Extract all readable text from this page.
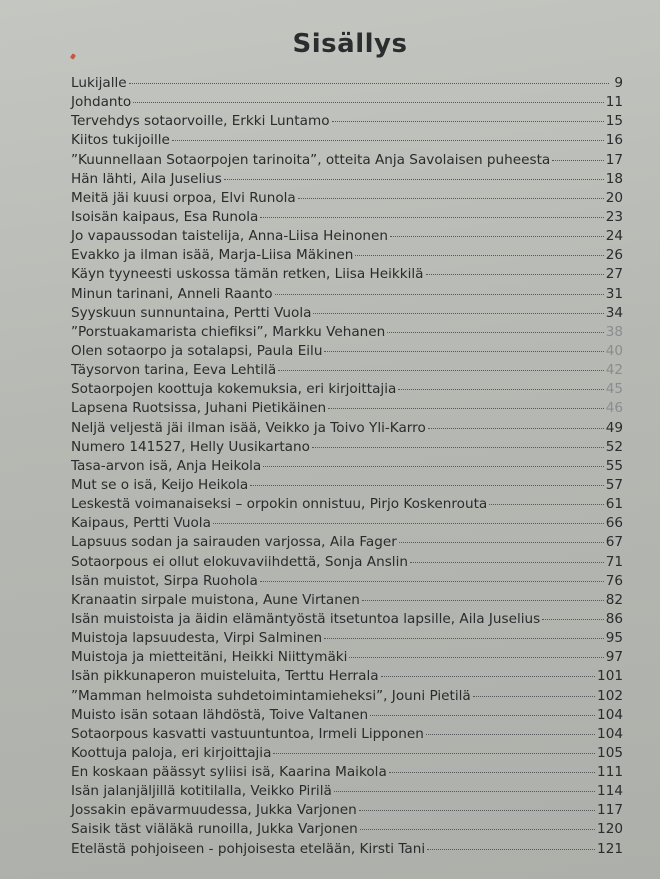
Sisällys
Lukijalle	9
Johdanto	11
Tervehdys sotaorvoille, Erkki Luntamo	15
Kiitos tukijoille	16
”Kuunnellaan Sotaorpojen tarinoita”, otteita Anja Savolaisen puheesta	17
Hän lähti, Aila Juselius	18
Meitä jäi kuusi orpoa, Elvi Runola	20
Isoisän kaipaus, Esa Runola	23
Jo vapaussodan taistelija, Anna-Liisa Heinonen	24
Evakko ja ilman isää, Marja-Liisa Mäkinen	26
Käyn tyyneesti uskossa tämän retken, Liisa Heikkilä	27
Minun tarinani, Anneli Raanto	31
Syyskuun sunnuntaina, Pertti Vuola	34
”Porstuakamarista chiefiksi”, Markku Vehanen	38
Olen sotaorpo ja sotalapsi, Paula Eilu	40
Täysorvon tarina, Eeva Lehtilä	42
Sotaorpojen koottuja kokemuksia, eri kirjoittajia	45
Lapsena Ruotsissa, Juhani Pietikäinen	46
Neljä veljestä jäi ilman isää, Veikko ja Toivo Yli-Karro	49
Numero 141527, Helly Uusikartano	52
Tasa-arvon isä, Anja Heikola	55
Mut se o isä, Keijo Heikola	57
Leskestä voimanaiseksi – orpokin onnistuu, Pirjo Koskenrouta	61
Kaipaus, Pertti Vuola	66
Lapsuus sodan ja sairauden varjossa, Aila Fager	67
Sotaorpous ei ollut elokuvaviihdettä, Sonja Anslin	71
Isän muistot, Sirpa Ruohola	76
Kranaatin sirpale muistona, Aune Virtanen	82
Isän muistoista ja äidin elämäntyöstä itsetuntoa lapsille, Aila Juselius	86
Muistoja lapsuudesta, Virpi Salminen	95
Muistoja ja mietteitäni, Heikki Niittymäki	97
Isän pikkunaperon muisteluita, Terttu Herrala	101
”Mamman helmoista suhdetoimintamieheksi”, Jouni Pietilä	102
Muisto isän sotaan lähdöstä, Toive Valtanen	104
Sotaorpous kasvatti vastuuntuntoa, Irmeli Lipponen	104
Koottuja paloja, eri kirjoittajia	105
En koskaan päässyt syliisi isä, Kaarina Maikola	111
Isän jalanjäljillä kotitilalla, Veikko Pirilä	114
Jossakin epävarmuudessa, Jukka Varjonen	117
Saisik täst viäläkä runoilla, Jukka Varjonen	120
Etelästä pohjoiseen - pohjoisesta etelään, Kirsti Tani	121
